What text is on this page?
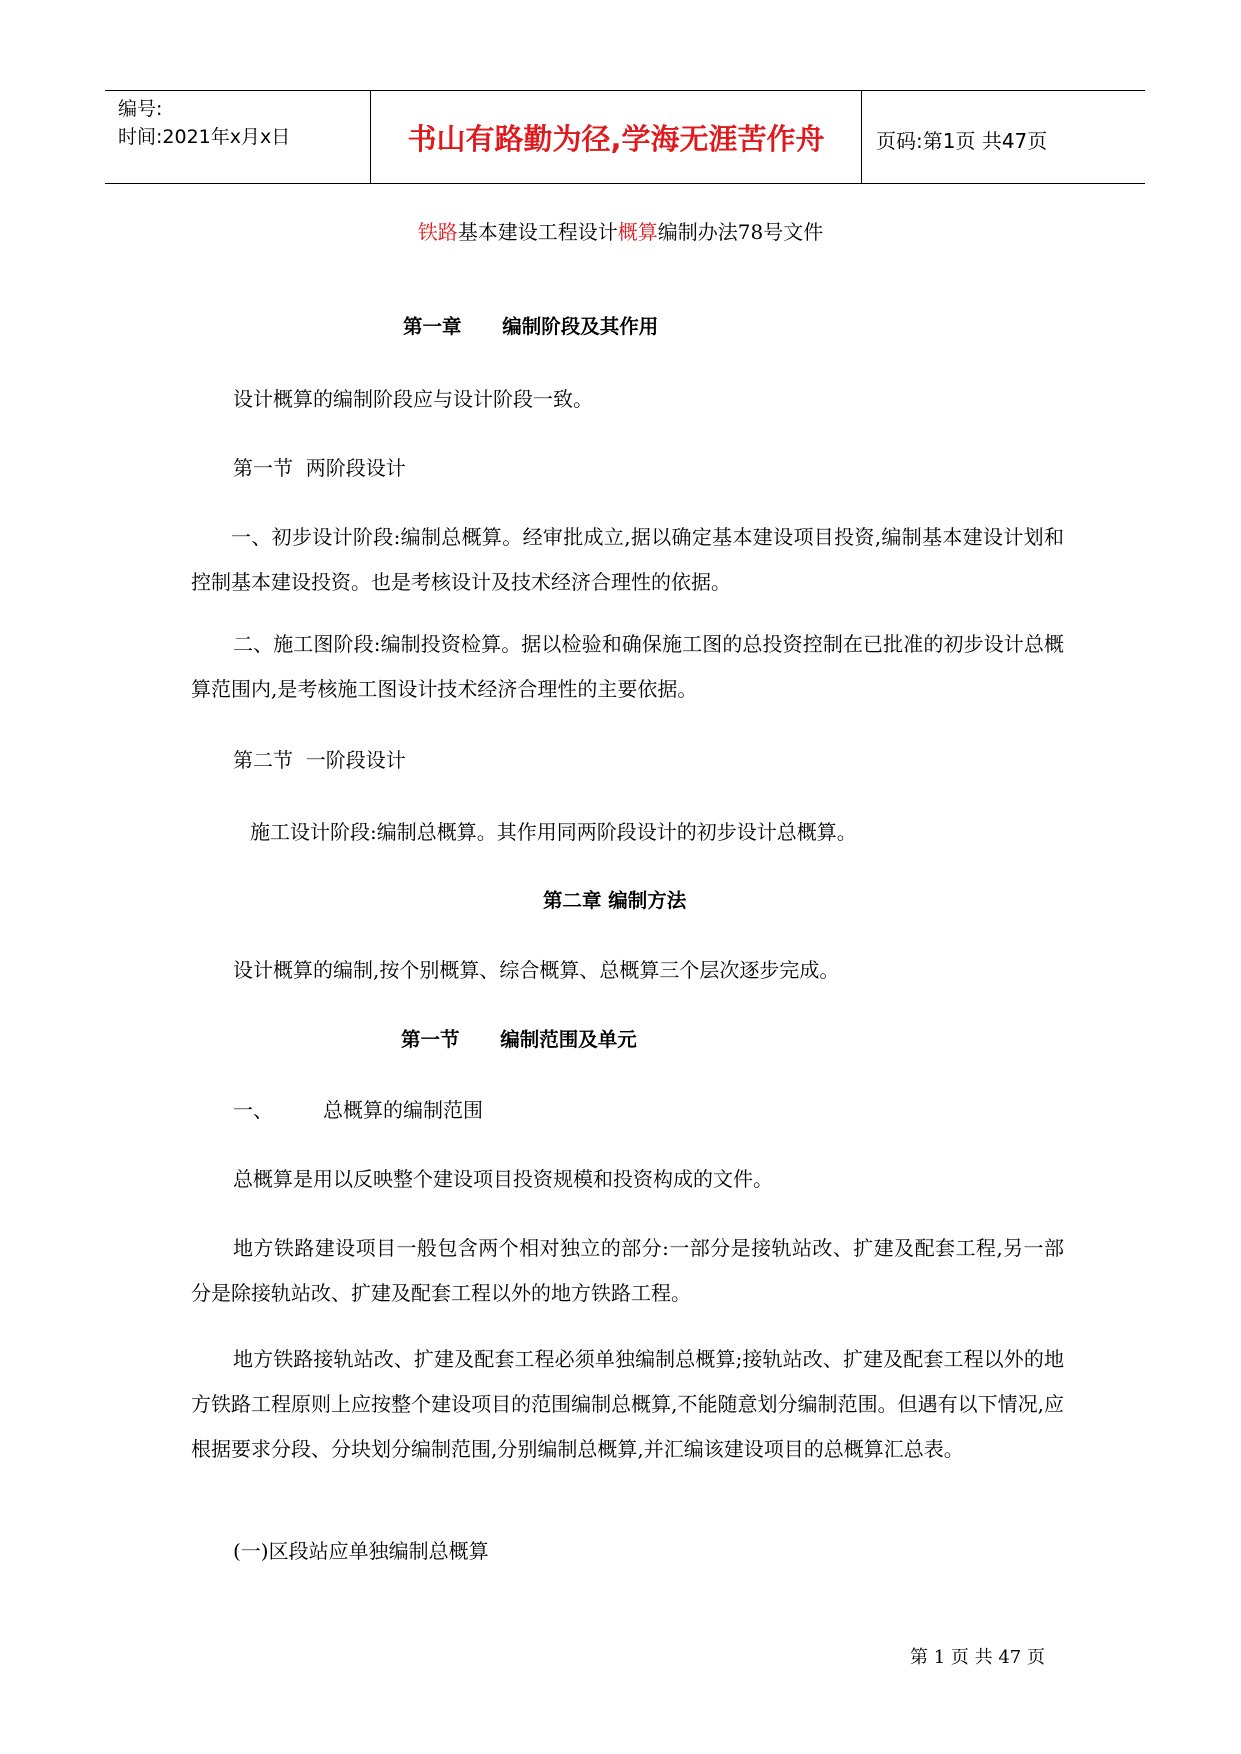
编号:
时间:2021年x月x日	书山有路勤为径,学海无涯苦作舟	页码:第1页 共47页
铁路基本建设工程设计概算编制办法78号文件
第一章      编制阶段及其作用
设计概算的编制阶段应与设计阶段一致。
第一节  两阶段设计
一、初步设计阶段:编制总概算。经审批成立,据以确定基本建设项目投资,编制基本建设计划和控制基本建设投资。也是考核设计及技术经济合理性的依据。
二、施工图阶段:编制投资检算。据以检验和确保施工图的总投资控制在已批准的初步设计总概算范围内,是考核施工图设计技术经济合理性的主要依据。
第二节  一阶段设计
施工设计阶段:编制总概算。其作用同两阶段设计的初步设计总概算。
第二章 编制方法
设计概算的编制,按个别概算、综合概算、总概算三个层次逐步完成。
第一节      编制范围及单元
一、	总概算的编制范围
总概算是用以反映整个建设项目投资规模和投资构成的文件。
地方铁路建设项目一般包含两个相对独立的部分:一部分是接轨站改、扩建及配套工程,另一部分是除接轨站改、扩建及配套工程以外的地方铁路工程。
地方铁路接轨站改、扩建及配套工程必须单独编制总概算;接轨站改、扩建及配套工程以外的地方铁路工程原则上应按整个建设项目的范围编制总概算,不能随意划分编制范围。但遇有以下情况,应根据要求分段、分块划分编制范围,分别编制总概算,并汇编该建设项目的总概算汇总表。
(一)区段站应单独编制总概算
第 1 页 共 47 页
